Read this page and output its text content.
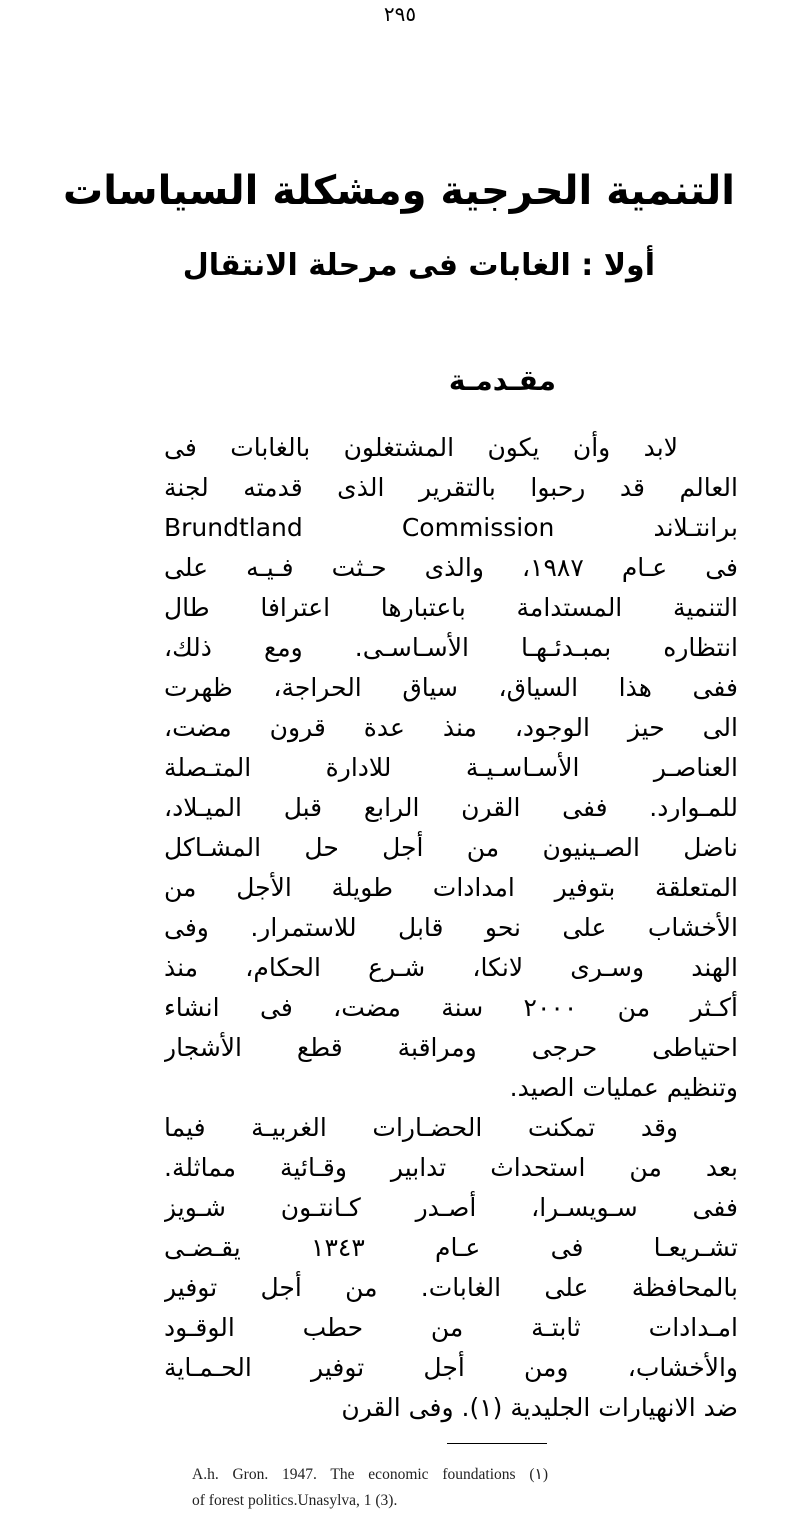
٢٩٥
التنمية الحرجية ومشكلة السياسات
أولا : الغابات فى مرحلة الانتقال
مقـدمـة
لابد وأن يكون المشتغلون بالغابات فى
العالم قد رحبوا بالتقرير الذى قدمته لجنة
برانتـلاند Brundtland Commission
فى عـام ١٩٨٧، والذى حـثت فـيـه على
التنمية المستدامة باعتبارها اعترافا طال
انتظاره بمبـدئـهـا الأسـاسـى. ومع ذلك،
ففى هذا السياق، سياق الحراجة، ظهرت
الى حيز الوجود، منذ عدة قرون مضت،
العناصـر الأسـاسـيـة للادارة المتـصلة
للمـوارد. ففى القرن الرابع قبل الميـلاد،
ناضل الصـينيون من أجل حل المشـاكل
المتعلقة بتوفير امدادات طويلة الأجل من
الأخشاب على نحو قابل للاستمرار. وفى
الهند وسـرى لانكا، شـرع الحكام، منذ
أكـثر من ٢٠٠٠ سنة مضت، فى انشاء
احتياطى حرجى ومراقبة قطع الأشجار
وتنظيم عمليات الصيد.
وقد تمكنت الحضـارات الغربيـة فيما
بعد من استحداث تدابير وقـائية مماثلة.
ففى سـويسـرا، أصـدر كـانتـون شـويز
تشـريعـا فى عـام ١٣٤٣ يقـضـى
بالمحافظة على الغابات. من أجل توفير
امـدادات ثابتـة من حطب الوقـود
والأخشاب، ومن أجل توفير الحـمـاية
ضد الانهيارات الجليدية (١). وفى القرن
A.h. Gron. 1947. The economic foundations (١)
of forest politics.Unasylva, 1 (3).
